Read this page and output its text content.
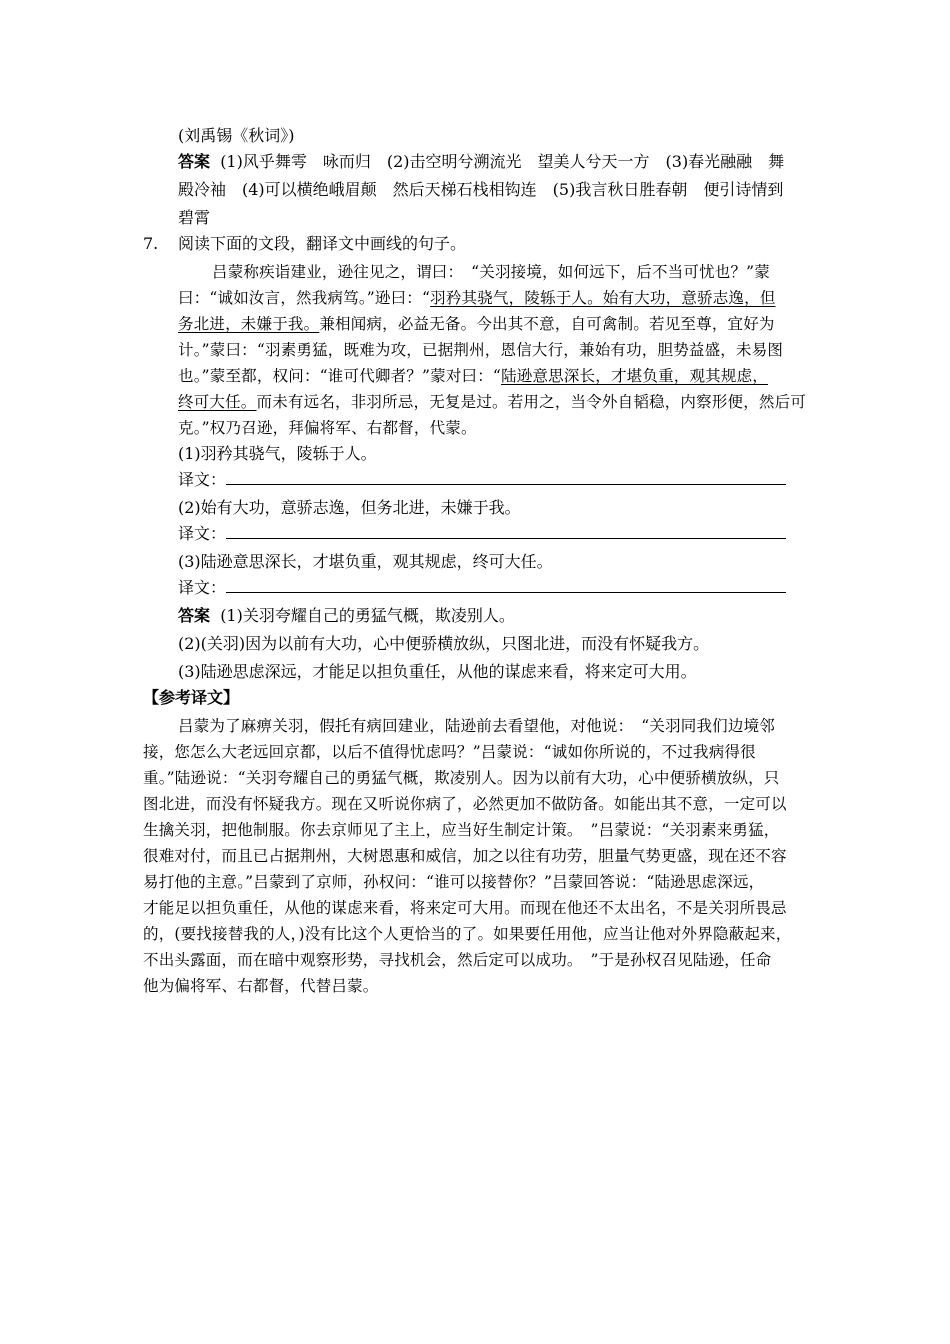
(刘禹锡《秋词》)
答案 (1)风乎舞雩　咏而归　(2)击空明兮溯流光　望美人兮天一方　(3)春光融融　舞
殿冷袖　(4)可以横绝峨眉颠　然后天梯石栈相钩连　(5)我言秋日胜春朝　便引诗情到
碧霄
7. 阅读下面的文段，翻译文中画线的句子。
吕蒙称疾诣建业，逊往见之，谓曰：　“关羽接境，如何远下，后不当可忧也？”蒙
曰：“诚如汝言，然我病笃。”逊曰：“羽矜其骁气，陵轹于人。始有大功，意骄志逸，但
务北进，未嫌于我。兼相闻病，必益无备。今出其不意，自可禽制。若见至尊，宜好为
计。”蒙曰：“羽素勇猛，既难为攻，已据荆州，恩信大行，兼始有功，胆势益盛，未易图
也。”蒙至都，权问：“谁可代卿者？”蒙对曰：“陆逊意思深长，才堪负重，观其规虑，
终可大任。而未有远名，非羽所忌，无复是过。若用之，当令外自韬稳，内察形便，然后可
克。”权乃召逊，拜偏将军、右都督，代蒙。
(1)羽矜其骁气，陵轹于人。
译文：
(2)始有大功，意骄志逸，但务北进，未嫌于我。
译文：
(3)陆逊意思深长，才堪负重，观其规虑，终可大任。
译文：
答案 (1)关羽夸耀自己的勇猛气概，欺凌别人。
(2)(关羽)因为以前有大功，心中便骄横放纵，只图北进，而没有怀疑我方。
(3)陆逊思虑深远，才能足以担负重任，从他的谋虑来看，将来定可大用。
【参考译文】
吕蒙为了麻痹关羽，假托有病回建业，陆逊前去看望他，对他说：　“关羽同我们边境邻
接，您怎么大老远回京都，以后不值得忧虑吗？”吕蒙说：“诚如你所说的，不过我病得很
重。”陆逊说：“关羽夸耀自己的勇猛气概，欺凌别人。因为以前有大功，心中便骄横放纵，只
图北进，而没有怀疑我方。现在又听说你病了，必然更加不做防备。如能出其不意，一定可以
生擒关羽，把他制服。你去京师见了主上，应当好生制定计策。　”吕蒙说：“关羽素来勇猛，
很难对付，而且已占据荆州，大树恩惠和威信，加之以往有功劳，胆量气势更盛，现在还不容
易打他的主意。”吕蒙到了京师，孙权问：“谁可以接替你？”吕蒙回答说：“陆逊思虑深远，
才能足以担负重任，从他的谋虑来看，将来定可大用。而现在他还不太出名，不是关羽所畏忌
的，(要找接替我的人，)没有比这个人更恰当的了。如果要任用他，应当让他对外界隐蔽起来，
不出头露面，而在暗中观察形势，寻找机会，然后定可以成功。　”于是孙权召见陆逊，任命
他为偏将军、右都督，代替吕蒙。
